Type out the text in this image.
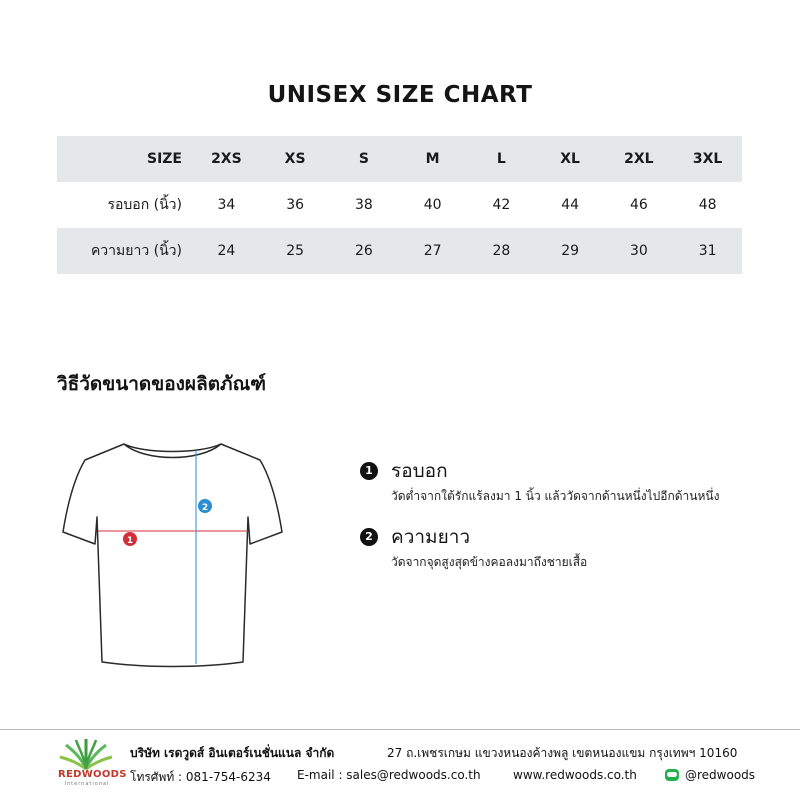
UNISEX SIZE CHART
SIZE	2XS	XS	S	M	L	XL	2XL	3XL
รอบอก (นิ้ว)	34	36	38	40	42	44	46	48
ความยาว (นิ้ว)	24	25	26	27	28	29	30	31
วิธีวัดขนาดของผลิตภัณฑ์
1
2
1 รอบอก
วัดต่ำจากใต้รักแร้ลงมา 1 นิ้ว แล้ววัดจากด้านหนึ่งไปอีกด้านหนึ่ง
2 ความยาว
วัดจากจุดสูงสุดข้างคอลงมาถึงชายเสื้อ
REDWOODS
International
บริษัท เรดวูดส์ อินเตอร์เนชั่นแนล จำกัด	27 ถ.เพชรเกษม แขวงหนองค้างพลู เขตหนองแขม กรุงเทพฯ 10160
โทรศัพท์ : 081-754-6234 E-mail : sales@redwoods.co.th	www.redwoods.co.th	@redwoods
